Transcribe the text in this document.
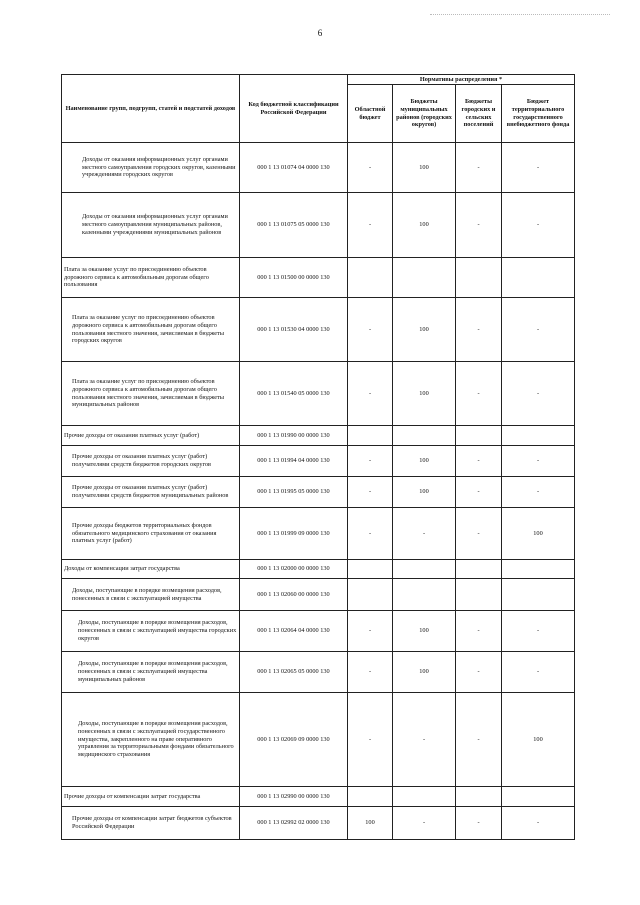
6
Наименование групп, подгрупп, статей и подстатей доходов	Код бюджетной классификации Российской Федерации	Нормативы распределения *			
		Областной бюджет	Бюджеты муниципальных районов (городских округов)	Бюджеты городских и сельских поселений	Бюджет территориального государственного внебюджетного фонда
Доходы от оказания информационных услуг органами местного самоуправления городских округов, казенными учреждениями городских округов	000 1 13 01074 04 0000 130	-	100	-	-
Доходы от оказания информационных услуг органами местного самоуправления муниципальных районов, казенными учреждениями муниципальных районов	000 1 13 01075 05 0000 130	-	100	-	-
Плата за оказание услуг по присоединению объектов дорожного сервиса к автомобильным дорогам общего пользования	000 1 13 01500 00 0000 130				
Плата за оказание услуг по присоединению объектов дорожного сервиса к автомобильным дорогам общего пользования местного значения, зачисляемая в бюджеты городских округов	000 1 13 01530 04 0000 130	-	100	-	-
Плата за оказание услуг по присоединению объектов дорожного сервиса к автомобильным дорогам общего пользования местного значения, зачисляемая в бюджеты муниципальных районов	000 1 13 01540 05 0000 130	-	100	-	-
Прочие доходы от оказания платных услуг (работ)	000 1 13 01990 00 0000 130				
Прочие доходы от оказания платных услуг (работ) получателями средств бюджетов городских округов	000 1 13 01994 04 0000 130	-	100	-	-
Прочие доходы от оказания платных услуг (работ) получателями средств бюджетов муниципальных районов	000 1 13 01995 05 0000 130	-	100	-	-
Прочие доходы бюджетов территориальных фондов обязательного медицинского страхования от оказания платных услуг (работ)	000 1 13 01999 09 0000 130	-	-	-	100
Доходы от компенсации затрат государства	000 1 13 02000 00 0000 130				
Доходы, поступающие в порядке возмещения расходов, понесенных в связи с эксплуатацией имущества	000 1 13 02060 00 0000 130				
Доходы, поступающие в порядке возмещения расходов, понесенных в связи с эксплуатацией имущества городских округов	000 1 13 02064 04 0000 130	-	100	-	-
Доходы, поступающие в порядке возмещения расходов, понесенных в связи с эксплуатацией имущества муниципальных районов	000 1 13 02065 05 0000 130	-	100	-	-
Доходы, поступающие в порядке возмещения расходов, понесенных в связи с эксплуатацией государственного имущества, закрепленного на праве оперативного управления за территориальными фондами обязательного медицинского страхования	000 1 13 02069 09 0000 130	-	-	-	100
Прочие доходы от компенсации затрат государства	000 1 13 02990 00 0000 130				
Прочие доходы от компенсации затрат бюджетов субъектов Российской Федерации	000 1 13 02992 02 0000 130	100	-	-	-
